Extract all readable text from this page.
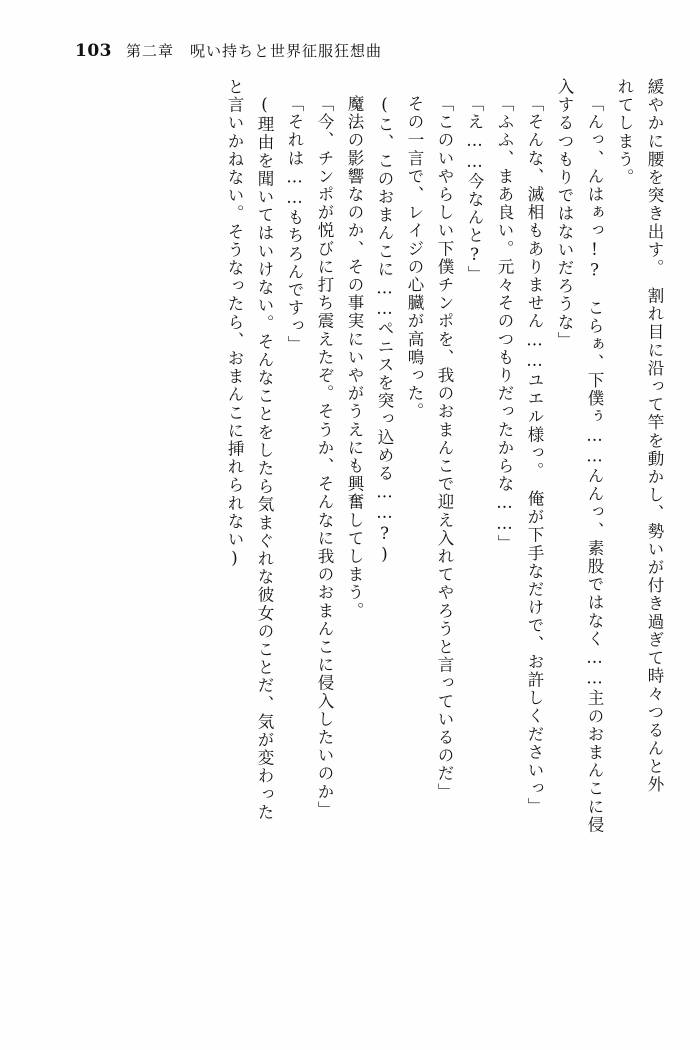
103 第二章　呪い持ちと世界征服狂想曲
緩やかに腰を突き出す。　割れ目に沿って竿を動かし、勢いが付き過ぎて時々つるんと外
れてしまう。
「んっ、んはぁっ!?　こらぁ、下僕ぅ……んんっ、素股ではなく……主のおまんこに侵
入するつもりではないだろうな」
「そんな、滅相もありません……ユエル様っ。　俺が下手なだけで、お許しくださいっ」
「ふふ、まあ良い。元々そのつもりだったからな……」
「え……今なんと?」
「このいやらしい下僕チンポを、我のおまんこで迎え入れてやろうと言っているのだ」
その一言で、レイジの心臓が高鳴った。
(こ、このおまんこに……ペニスを突っ込める……?)
魔法の影響なのか、その事実にいやがうえにも興奮してしまう。
「今、チンポが悦びに打ち震えたぞ。そうか、そんなに我のおまんこに侵入したいのか」
「それは……もちろんですっ」
(理由を聞いてはいけない。そんなことをしたら気まぐれな彼女のことだ、気が変わった
と言いかねない。そうなったら、おまんこに挿れられない)
